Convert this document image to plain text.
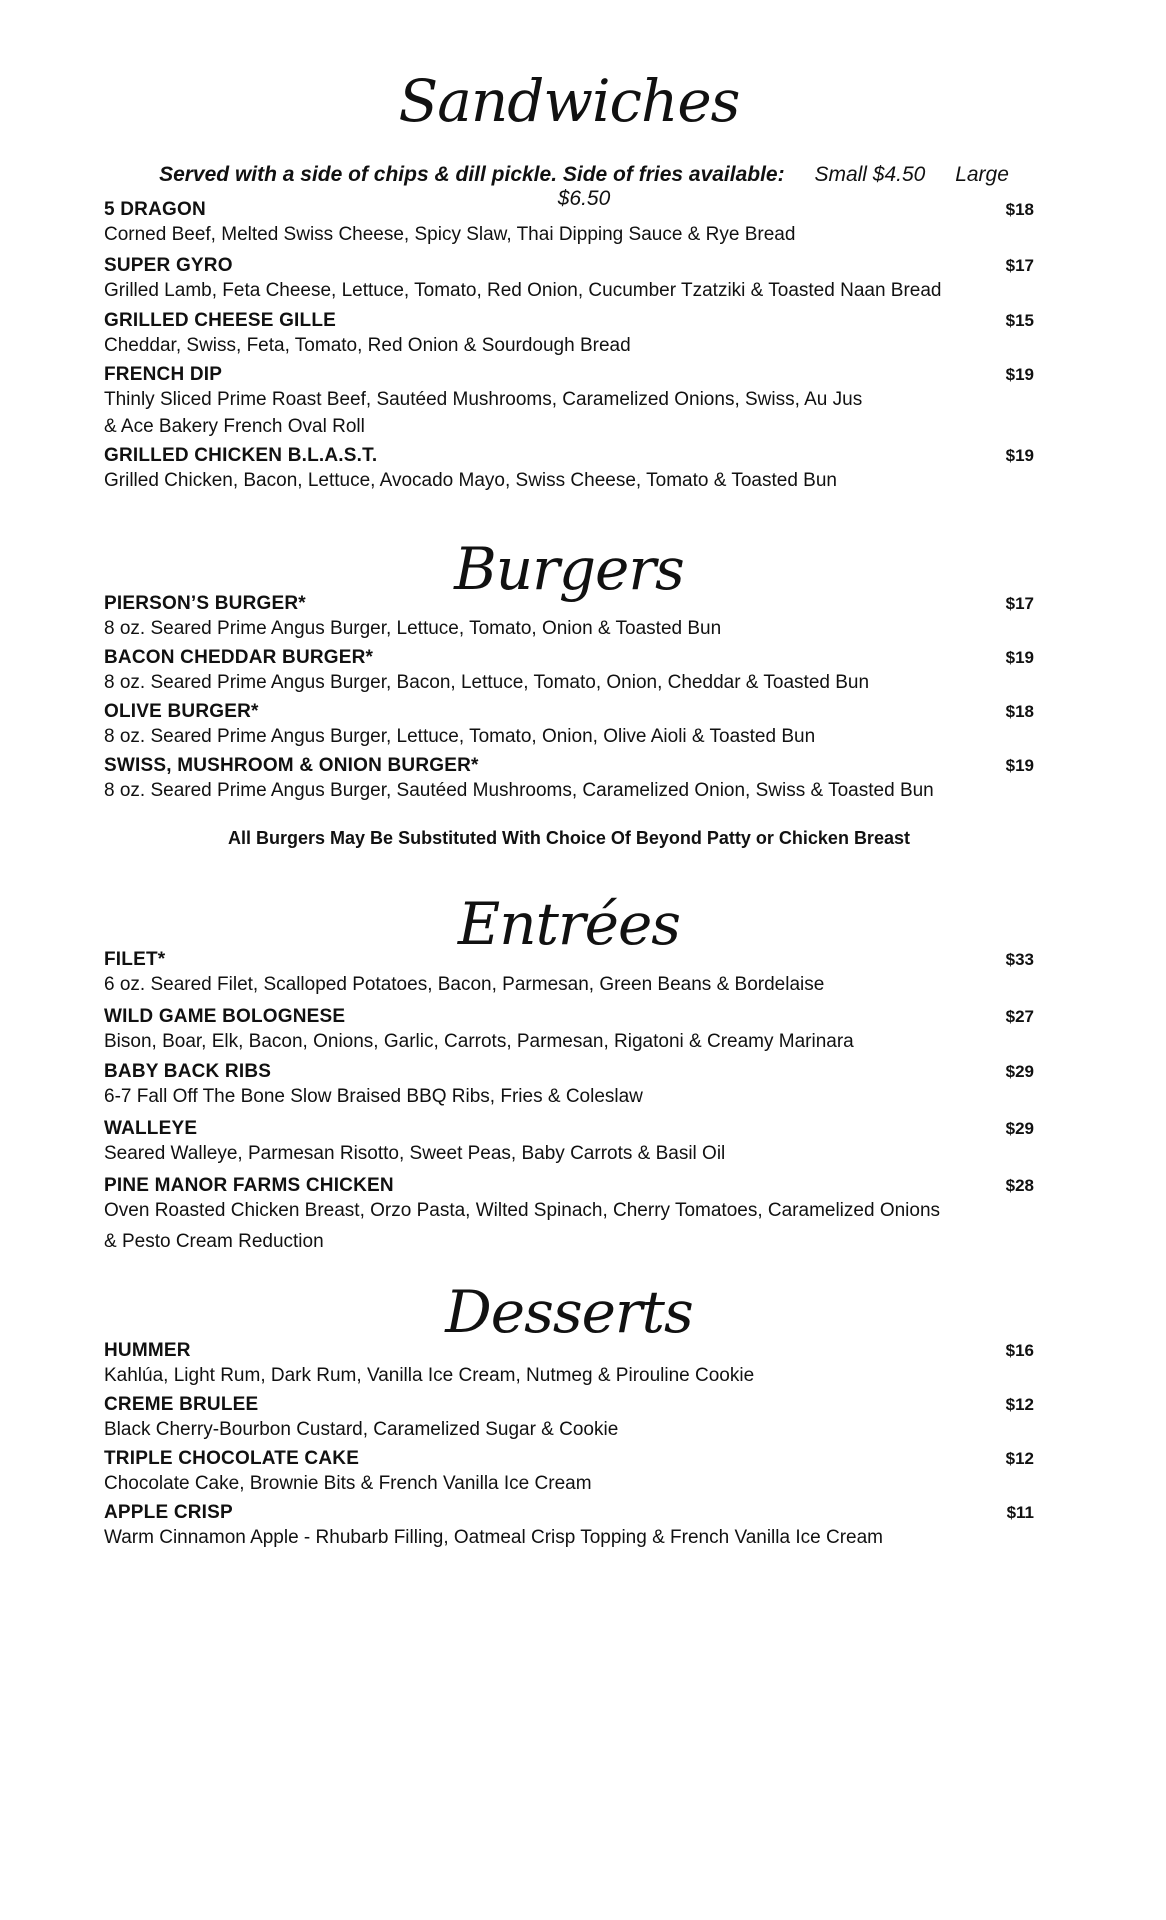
Sandwiches
Served with a side of chips & dill pickle. Side of fries available: Small $4.50 Large $6.50
5 DRAGON	$18
Corned Beef, Melted Swiss Cheese, Spicy Slaw, Thai Dipping Sauce & Rye Bread
SUPER GYRO	$17
Grilled Lamb, Feta Cheese, Lettuce, Tomato, Red Onion, Cucumber Tzatziki & Toasted Naan Bread
GRILLED CHEESE GILLE	$15
Cheddar, Swiss, Feta, Tomato, Red Onion & Sourdough Bread
FRENCH DIP	$19
Thinly Sliced Prime Roast Beef, Sautéed Mushrooms, Caramelized Onions, Swiss, Au Jus
& Ace Bakery French Oval Roll
GRILLED CHICKEN B.L.A.S.T.	$19
Grilled Chicken, Bacon, Lettuce, Avocado Mayo, Swiss Cheese, Tomato & Toasted Bun
Burgers
PIERSON’S BURGER*	$17
8 oz. Seared Prime Angus Burger, Lettuce, Tomato, Onion & Toasted Bun
BACON CHEDDAR BURGER*	$19
8 oz. Seared Prime Angus Burger, Bacon, Lettuce, Tomato, Onion, Cheddar & Toasted Bun
OLIVE BURGER*	$18
8 oz. Seared Prime Angus Burger, Lettuce, Tomato, Onion, Olive Aioli & Toasted Bun
SWISS, MUSHROOM & ONION BURGER*	$19
8 oz. Seared Prime Angus Burger, Sautéed Mushrooms, Caramelized Onion, Swiss & Toasted Bun
All Burgers May Be Substituted With Choice Of Beyond Patty or Chicken Breast
Entrées
FILET*	$33
6 oz. Seared Filet, Scalloped Potatoes, Bacon, Parmesan, Green Beans & Bordelaise
WILD GAME BOLOGNESE	$27
Bison, Boar, Elk, Bacon, Onions, Garlic, Carrots, Parmesan, Rigatoni & Creamy Marinara
BABY BACK RIBS	$29
6-7 Fall Off The Bone Slow Braised BBQ Ribs, Fries & Coleslaw
WALLEYE	$29
Seared Walleye, Parmesan Risotto, Sweet Peas, Baby Carrots & Basil Oil
PINE MANOR FARMS CHICKEN	$28
Oven Roasted Chicken Breast, Orzo Pasta, Wilted Spinach, Cherry Tomatoes, Caramelized Onions
& Pesto Cream Reduction
Desserts
HUMMER	$16
Kahlúa, Light Rum, Dark Rum, Vanilla Ice Cream, Nutmeg & Pirouline Cookie
CREME BRULEE	$12
Black Cherry-Bourbon Custard, Caramelized Sugar & Cookie
TRIPLE CHOCOLATE CAKE	$12
Chocolate Cake, Brownie Bits & French Vanilla Ice Cream
APPLE CRISP	$11
Warm Cinnamon Apple - Rhubarb Filling, Oatmeal Crisp Topping & French Vanilla Ice Cream
